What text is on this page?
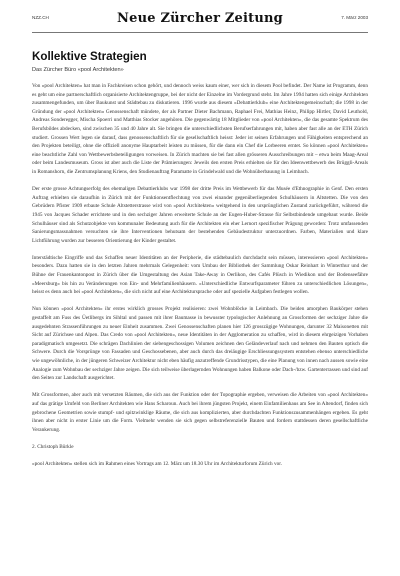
NZZ.CH	Neue Zürcher Zeitung	7. März 2003
Kollektive Strategien
Das Zürcher Büro «pool Architekten»

Von «pool Architekten» hat man in Fachkreisen schon gehört, und dennoch weiss kaum einer, wer sich in diesem Pool befindet. Der Name ist Programm, denn es geht um eine partnerschaftlich organisierte Architektengruppe, bei der nicht der Einzelne im Vordergrund steht. Im Jahre 1994 hatten sich einige Architekten zusammengefunden, um über Baukunst und Städtebau zu diskutieren. 1996 wurde aus diesem «Debattierklub» eine Architektengemeinschaft; die 1998 in der Gründung der «pool Architekten» Genossenschaft mündete, der als Partner Dieter Bachmann, Raphael Frei, Mathias Heinz, Philipp Hirtler, David Leuthold, Andreas Sonderegger, Mischa Spoerri und Matthias Stocker angehören. Die gegenwärtig 18 Mitglieder von «pool Architekten», die das gesamte Spektrum des Berufsbildes abdecken, sind zwischen 35 und 40 Jahre alt. Sie bringen die unterschiedlichsten Berufserfahrungen mit, haben aber fast alle an der ETH Zürich studiert. Grossen Wert legen sie darauf, dass genossenschaftlich für sie gesellschaftlich heisst: Jeder ist seinen Erfahrungen und Fähigkeiten entsprechend an den Projekten beteiligt, ohne die offiziell anonyme Hauptarbeit leisten zu müssen, für die dann ein Chef die Lorbeeren erntet. So können «pool Architekten» eine beachtliche Zahl von Wettbewerbsbeteiligungen vorweisen. In Zürich machten sie bei fast allen grösseren Ausschreibungen mit – etwa beim Maag-Areal oder beim Landesmuseum. Gross ist aber auch die Liste der Prämierungen: Jeweils den ersten Preis erhielten sie für den Ideenwettbewerb des Brüggli-Areals in Romanshorn, die Zentrumsplanung Kriens, den Studienauftrag Paramatte in Grindelwald und die Wohnüberbauung in Leimbach.

Der erste grosse Achtungserfolg des ehemaligen Debattierklubs war 1998 der dritte Preis im Wettbewerb für das Musée d'Ethnographie in Genf. Den ersten Auftrag erhielten sie daraufhin in Zürich mit der Funktionsentflechtung von zwei einander gegenüberliegenden Schulhäusern in Altstetten. Die von den Gebrüdern Pfister 1909 erbaute Schule Altstetterstrasse wird von «pool Architekten» weitgehend in den ursprünglichen Zustand zurückgeführt, während die 1945 von Jacques Schader errichtete und in den sechziger Jahren erweiterte Schule an der Eugen-Huber-Strasse für Selbstbindende umgebaut wurde. Beide Schulhäuser sind als Schutzobjekte von kommunaler Bedeutung auch für die Architekten ein eher Lernort spezifischer Prägung geworden: Trotz umfassenden Sanierungsmassnahmen versuchten sie ihre Interventionen behutsam der bestehenden Gebäudestruktur unterzuordnen. Farben, Materialien und klare Lichtführung wurden zur besseren Orientierung der Kinder gestaltet.

Interstädtische Eingriffe und das Schaffen neuer Identitäten an der Peripherie, die städtebaulich durchdacht sein müssen, interessieren «pool Architekten» besonders. Dazu hatten sie in den letzten Jahren mehrmals Gelegenheit: vom Umbau der Bibliothek der Sammlung Oskar Reinhart in Winterthur und der Bühne der Frauenkantonpost in Zürich über die Umgestaltung des Asian Take-Away in Oerlikon, des Cafés Plüsch in Wiedikon und der Bodenseefähre «Meersburg» bis hin zu Veränderungen von Ein- und Mehrfamilienhäusern. «Unterschiedliche Entwurfsparameter führen zu unterschiedlichen Lösungen», heisst es denn auch bei «pool Architekten», die sich nicht auf eine Architektursprache oder auf spezielle Aufgaben festlegen wollen.

Nun können «pool Architekten» ihr erstes wirklich grosses Projekt realisieren: zwei Wohnblöcke in Leimbach. Die beiden amorphen Baukörper stehen gestaffelt am Fuss des Üetlibergs im Sihltal und passen mit ihrer Baumasse in bewusster typologischer Anlehnung an Grossformen der sechziger Jahre die ausgedehnten Strassenführungen zu neuer Einheit zusammen. Zwei Genossenschaften planen hier 126 grosszügige Wohnungen, darunter 32 Maisonetten mit Sicht auf Zürichsee und Alpen. Das Credo von «pool Architekten», neue Identitäten in der Agglomeration zu schaffen, wird in diesem ehrgeizigen Vorhaben paradigmatisch umgesetzt. Die schrägen Dachlinien der siebengeschossigen Volumen zeichnen den Geländeverlauf nach und nehmen den Bauten optisch die Schwere. Durch die Vorsprünge von Fassaden und Geschossebenen, aber auch durch das dreiäugige Erschliessungssystem entstehen ebenso unterschiedliche wie ungewöhnliche, in der jüngeren Schweizer Architektur nicht eben häufig anzutreffende Grundrisstypen, die eine Planung von innen nach aussen sowie eine Analogie zum Wohnbau der sechziger Jahre zeigen. Die sich teilweise überlagernden Wohnungen haben Balkone oder Dach-/bzw. Gartenterrassen und sind auf den Seiten zur Landschaft ausgerichtet.

Mit Grossformen, aber auch mit versetzten Räumen, die sich aus der Funktion oder der Topographie ergeben, verweisen die Arbeiten von «pool Architekten» auf das grätige Umfeld von Berliner Architekten wie Hans Scharoun. Auch bei ihrem jüngsten Projekt, einem Einfamilienhaus am See in Altendorf, finden sich gebrochene Geometrien sowie stumpf- und spitzwinklige Räume, die sich aus komplizierten, aber durchdachten Funktionszusammenhängen ergeben. Es geht ihnen aber nicht in erster Linie um die Form. Vielmehr wenden sie sich gegen selbstreferenzielle Bauten und fordern stattdessen deren gesellschaftliche Verankerung.

2. Christoph Bürkle

«pool Architekten» stellen sich im Rahmen eines Vortrags am 12. März um 18.30 Uhr im Architekturforum Zürich vor.
